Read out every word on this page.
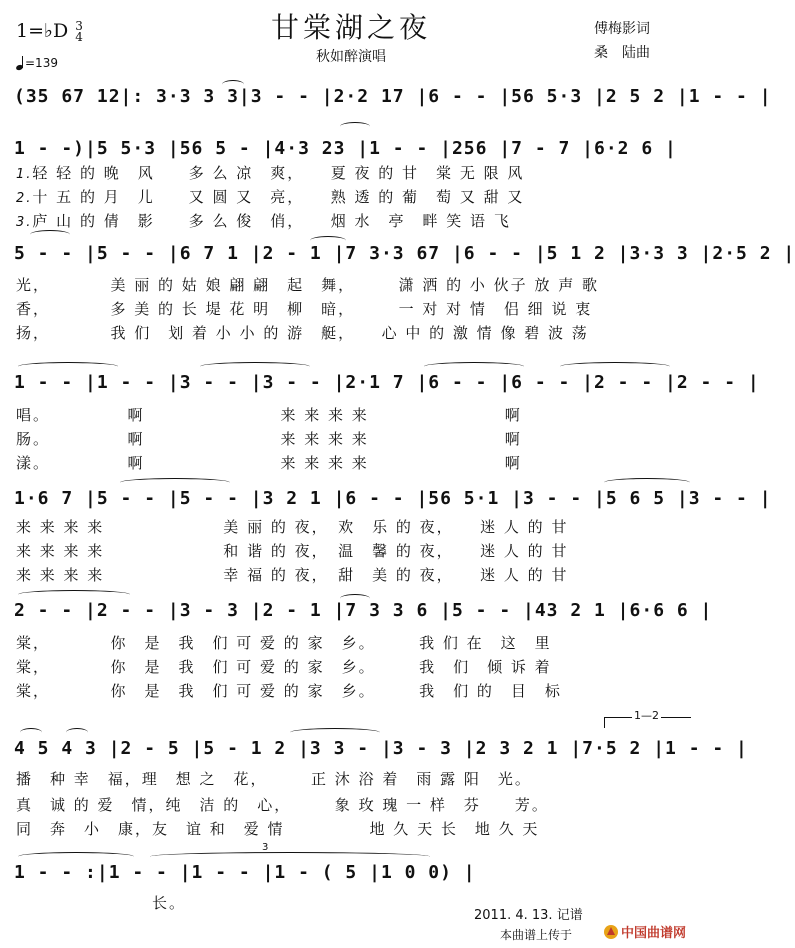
甘棠湖之夜
1=♭D 3
4
=139	秋如醉演唱
傅梅影词
桑　陆曲
(35 67 12|: 3·3 3 3|3 - - |2·2 17 |6 - - |56 5·3 |2 5 2 |1 - - |
1 - -)|5 5·3 |56 5 - |4·3 23 |1 - - |256 |7 - 7 |6·2 6 |
1.轻 轻 的 晚　风　　多 么 凉　爽，　　夏 夜 的 甘　棠 无 限 风
2.十 五 的 月　儿　　又 圆 又　亮，　　熟 透 的 葡　萄 又 甜 又
3.庐 山 的 倩　影　　多 么 俊　俏，　　烟 水　亭　畔 笑 语 飞
5 - - |5 - - |6 7 1 |2 - 1 |7 3·3 67 |6 - - |5 1 2 |3·3 3 |2·5 2 |
光，　　　　美 丽 的 姑 娘 翩 翩　起　舞，　　　潇 洒 的 小 伙子 放 声 歌
香，　　　　多 美 的 长 堤 花 明　柳　暗，　　　一 对 对 情　侣 细 说 衷
扬，　　　　我 们　划 着 小 小 的 游　艇，　　心 中 的 激 情 像 碧 波 荡
1 - - |1 - - |3 - - |3 - - |2·1 7 |6 - - |6 - - |2 - - |2 - - |
唱。　　　　　啊　　　　　　　　来 来 来 来　　　　　　　　啊
肠。　　　　　啊　　　　　　　　来 来 来 来　　　　　　　　啊
漾。　　　　　啊　　　　　　　　来 来 来 来　　　　　　　　啊
1·6 7 |5 - - |5 - - |3 2 1 |6 - - |56 5·1 |3 - - |5 6 5 |3 - - |
来 来 来 来　　　　　　　美 丽 的 夜，　欢　乐 的 夜，　　迷 人 的 甘
来 来 来 来　　　　　　　和 谐 的 夜，　温　馨 的 夜，　　迷 人 的 甘
来 来 来 来　　　　　　　幸 福 的 夜，　甜　美 的 夜，　　迷 人 的 甘
2 - - |2 - - |3 - 3 |2 - 1 |7 3 3 6 |5 - - |43 2 1 |6·6 6 |
棠，　　　　你　是　我　们 可 爱 的 家　乡。　　　我 们 在　这　里
棠，　　　　你　是　我　们 可 爱 的 家　乡。　　　我　们　倾 诉 着
棠，　　　　你　是　我　们 可 爱 的 家　乡。　　　我　们 的　目　标
1—2
4 5 4 3 |2 - 5 |5 - 1 2 |3 3 - |3 - 3 |2 3 2 1 |7·5 2 |1 - - |
播　种 幸　福，理　想 之　花，　　　正 沐 浴 着　雨 露 阳　光。
真　诚 的 爱　情，纯　洁 的　心，　　　象 玫 瑰 一 样　芬　　芳。
同　奔　小　康，友　谊 和　爱 情　　　　　地 久 天 长　地 久 天
3
1 - - :|1 - - |1 - - |1 - ( 5 |1 0 0) |
　　　　　　　　长。
2011. 4. 13. 记谱
本曲谱上传于	中国曲谱网
